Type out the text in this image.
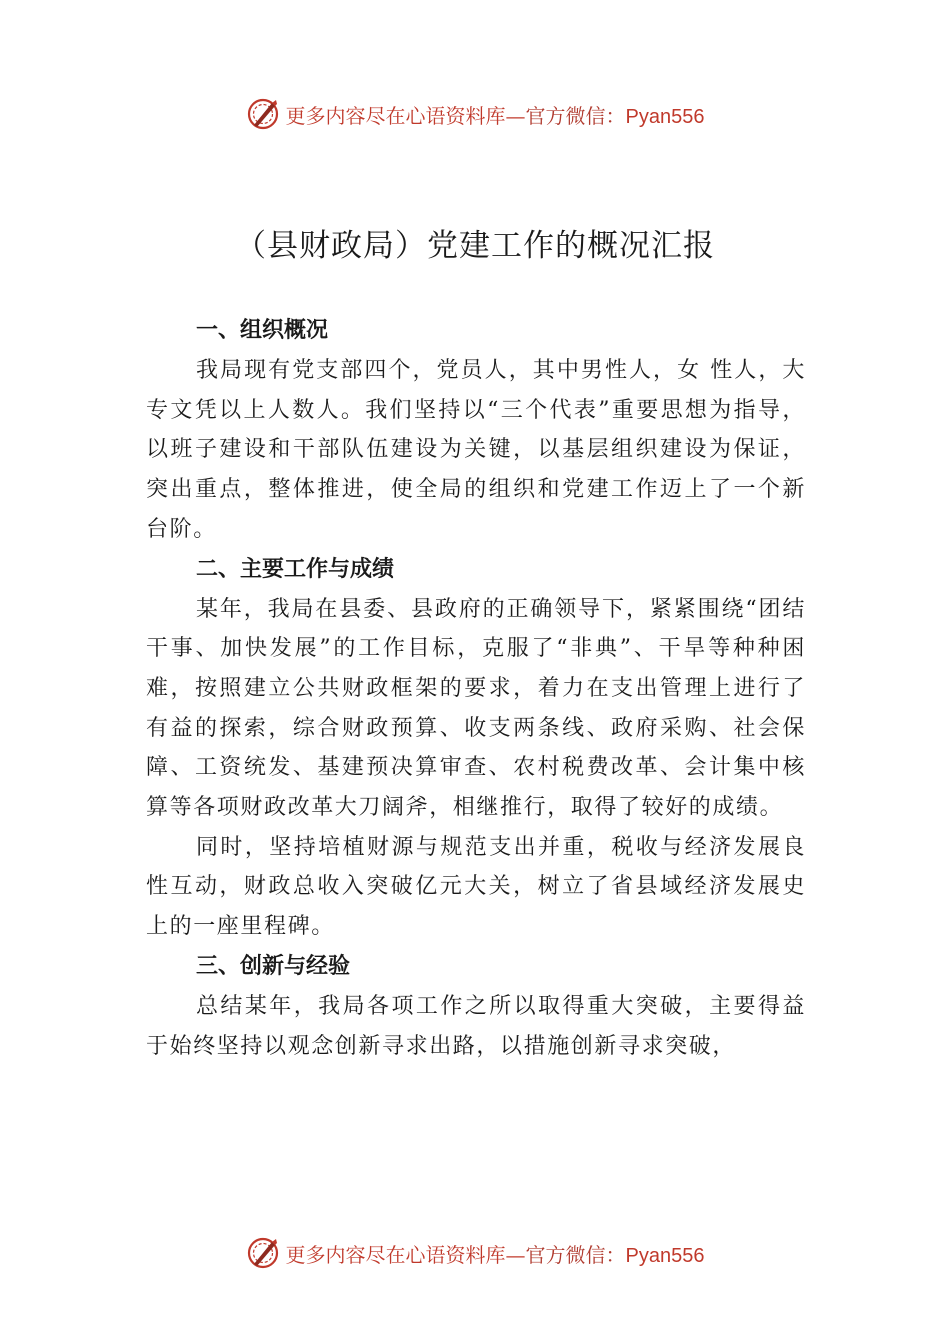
更多内容尽在心语资料库—官方微信：Pyan556
（县财政局）党建工作的概况汇报
一、组织概况

我局现有党支部四个，党员人，其中男性人，女 性人，大专文凭以上人数人。我们坚持以“三个代表”重要思想为指导，以班子建设和干部队伍建设为关键，以基层组织建设为保证，突出重点，整体推进，使全局的组织和党建工作迈上了一个新台阶。

二、主要工作与成绩

某年，我局在县委、县政府的正确领导下，紧紧围绕“团结干事、加快发展”的工作目标，克服了“非典”、干旱等种种困难，按照建立公共财政框架的要求，着力在支出管理上进行了有益的探索，综合财政预算、收支两条线、政府采购、社会保障、工资统发、基建预决算审查、农村税费改革、会计集中核算等各项财政改革大刀阔斧，相继推行，取得了较好的成绩。

同时，坚持培植财源与规范支出并重，税收与经济发展良性互动，财政总收入突破亿元大关，树立了省县域经济发展史上的一座里程碑。

三、创新与经验

总结某年，我局各项工作之所以取得重大突破，主要得益于始终坚持以观念创新寻求出路，以措施创新寻求突破，

更多内容尽在心语资料库—官方微信：Pyan556
